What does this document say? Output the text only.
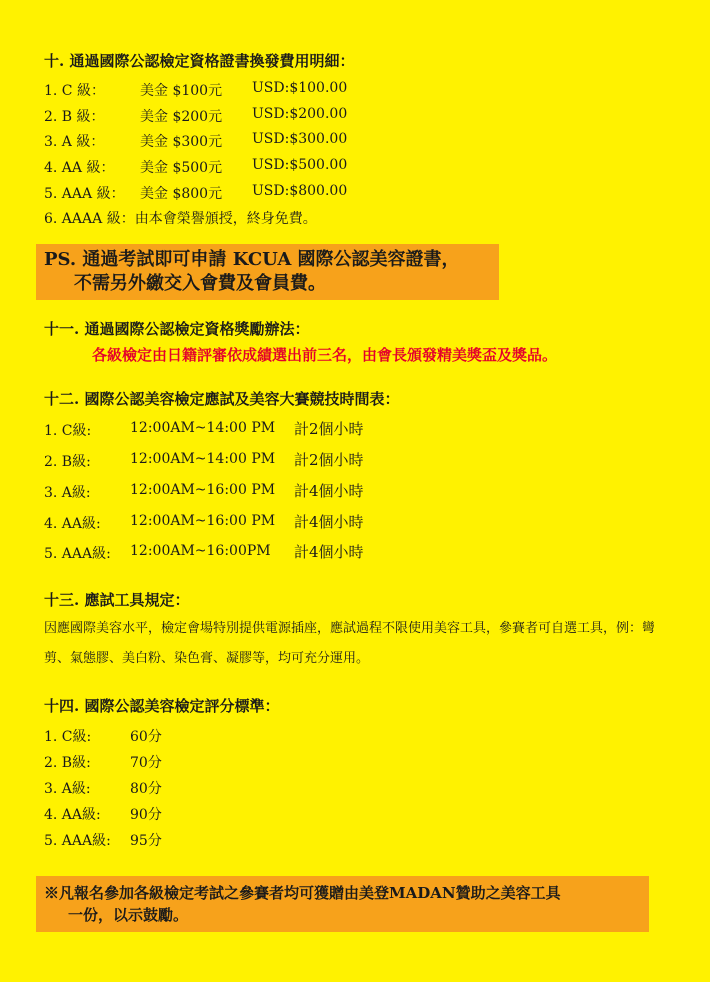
十. 通過國際公認檢定資格證書換發費用明細：
1. C 級：	美金 $100元 USD:$100.00
2. B 級：	美金 $200元 USD:$200.00
3. A 級：	美金 $300元 USD:$300.00
4. AA 級： 美金 $500元 USD:$500.00
5. AAA 級： 美金 $800元 USD:$800.00
6. AAAA 級：由本會榮譽頒授，終身免費。
PS. 通過考試即可申請 KCUA 國際公認美容證書，
不需另外繳交入會費及會員費。
十一. 通過國際公認檢定資格獎勵辦法：
各級檢定由日籍評審依成績選出前三名，由會長頒發精美獎盃及獎品。
十二. 國際公認美容檢定應試及美容大賽競技時間表：
1. C級:	12:00AM~14:00 PM 計2個小時
2. B級:	12:00AM~14:00 PM 計2個小時
3. A級:	12:00AM~16:00 PM 計4個小時
4. AA級: 12:00AM~16:00 PM 計4個小時
5. AAA級: 12:00AM~16:00PM 計4個小時
十三. 應試工具規定：
因應國際美容水平，檢定會場特別提供電源插座，應試過程不限使用美容工具，參賽者可自選工具，例：彎剪、氣態膠、美白粉、染色膏、凝膠等，均可充分運用。
十四. 國際公認美容檢定評分標準：
1. C級:	60分
2. B級:	70分
3. A級:	80分
4. AA級: 90分
5. AAA級: 95分
※凡報名參加各級檢定考試之參賽者均可獲贈由美登MADAN贊助之美容工具
一份，以示鼓勵。
